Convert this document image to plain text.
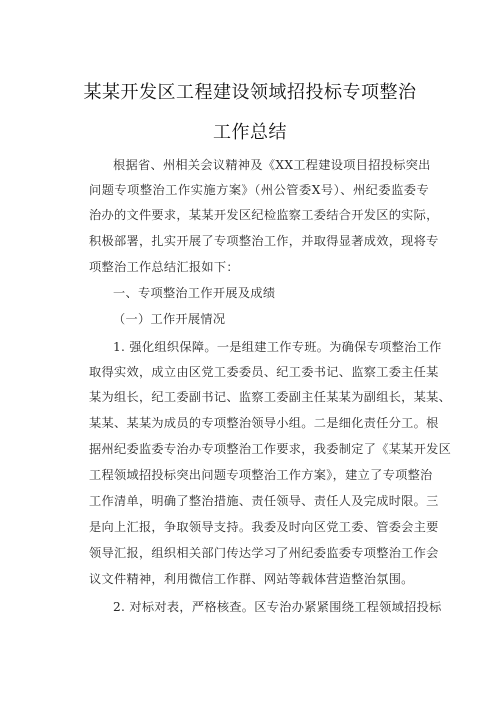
某某开发区工程建设领域招投标专项整治
工作总结
根据省、州相关会议精神及《XX工程建设项目招投标突出
问题专项整治工作实施方案》（州公管委X号）、州纪委监委专
治办的文件要求，某某开发区纪检监察工委结合开发区的实际，
积极部署，扎实开展了专项整治工作，并取得显著成效，现将专
项整治工作总结汇报如下：
一、专项整治工作开展及成绩
（一）工作开展情况
1. 强化组织保障。一是组建工作专班。为确保专项整治工作
取得实效，成立由区党工委委员、纪工委书记、监察工委主任某
某为组长，纪工委副书记、监察工委副主任某某为副组长，某某、
某某、某某为成员的专项整治领导小组。二是细化责任分工。根
据州纪委监委专治办专项整治工作要求，我委制定了《某某开发区
工程领域招投标突出问题专项整治工作方案》，建立了专项整治
工作清单，明确了整治措施、责任领导、责任人及完成时限。三
是向上汇报，争取领导支持。我委及时向区党工委、管委会主要
领导汇报，组织相关部门传达学习了州纪委监委专项整治工作会
议文件精神，利用微信工作群、网站等载体营造整治氛围。
2. 对标对表，严格核查。区专治办紧紧围绕工程领域招投标
